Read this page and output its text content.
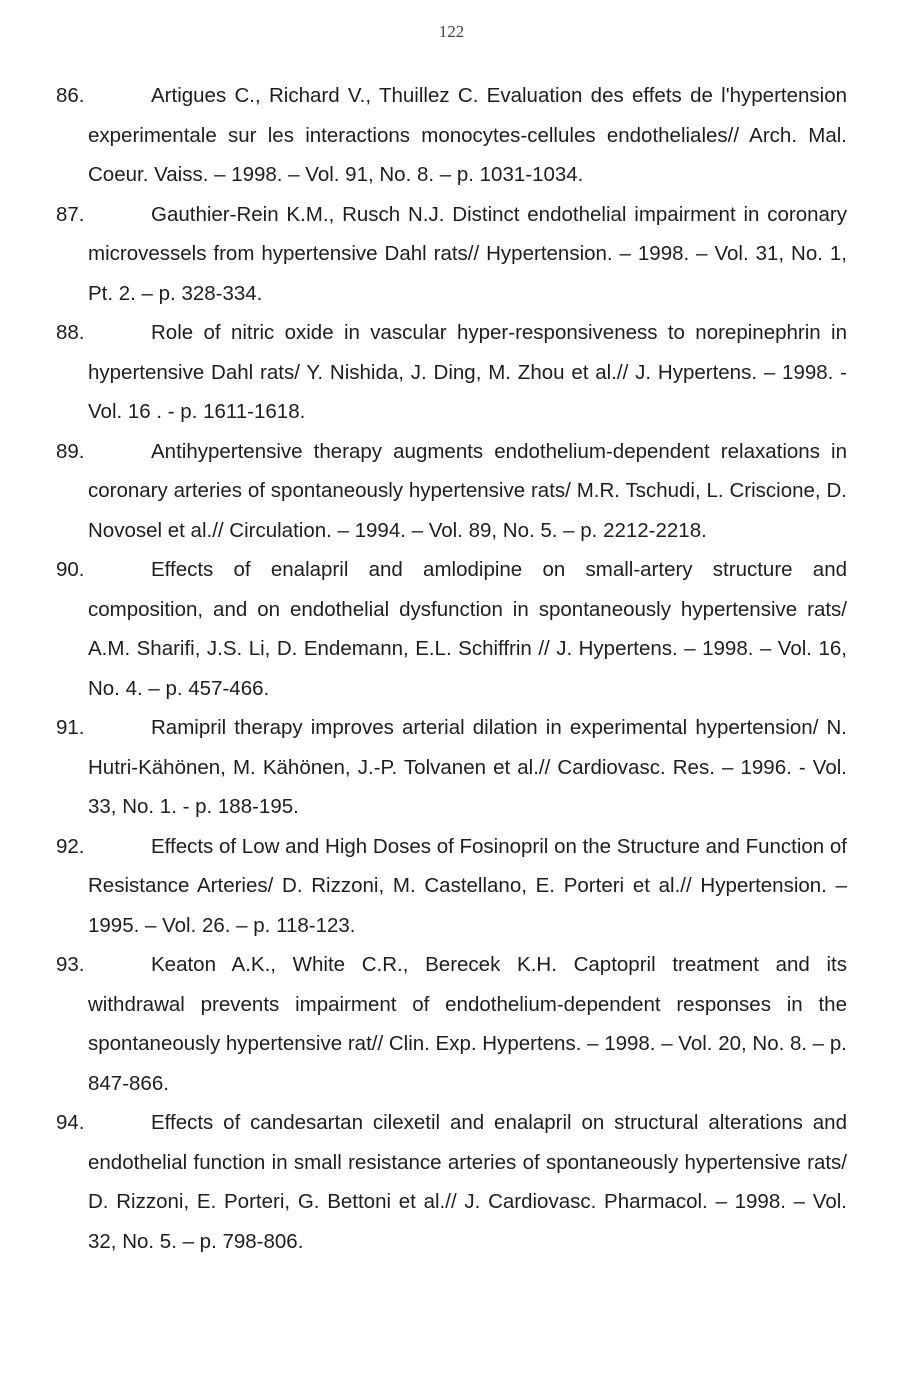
122

86.	Artigues C., Richard V., Thuillez C. Evaluation des effets de l'hypertension experimentale sur les interactions monocytes-cellules endotheliales// Arch. Mal. Coeur. Vaiss. – 1998. – Vol. 91, No. 8. – p. 1031-1034.

87.	Gauthier-Rein K.M., Rusch N.J. Distinct endothelial impairment in coronary microvessels from hypertensive Dahl rats// Hypertension. – 1998. – Vol. 31, No. 1, Pt. 2. – p. 328-334.

88.	Role of nitric oxide in vascular hyper-responsiveness to norepinephrin in hypertensive Dahl rats/ Y. Nishida, J. Ding, M. Zhou et al.// J. Hypertens. – 1998. - Vol. 16 . - p. 1611-1618.

89.	Antihypertensive therapy augments endothelium-dependent relaxations in coronary arteries of spontaneously hypertensive rats/ M.R. Tschudi, L. Criscione, D. Novosel et al.// Circulation. – 1994. – Vol. 89, No. 5. – p. 2212-2218.

90.	Effects of enalapril and amlodipine on small-artery structure and composition, and on endothelial dysfunction in spontaneously hypertensive rats/ A.M. Sharifi, J.S. Li, D. Endemann, E.L. Schiffrin // J. Hypertens. – 1998. – Vol. 16, No. 4. – p. 457-466.

91.	Ramipril therapy improves arterial dilation in experimental hypertension/ N. Hutri-Kähönen, M. Kähönen, J.-P. Tolvanen et al.// Cardiovasc. Res. – 1996. - Vol. 33, No. 1. - p. 188-195.

92.	Effects of Low and High Doses of Fosinopril on the Structure and Function of Resistance Arteries/ D. Rizzoni, M. Castellano, E. Porteri et al.// Hypertension. – 1995. – Vol. 26. – p. 118-123.

93.	Keaton A.K., White C.R., Berecek K.H. Captopril treatment and its withdrawal prevents impairment of endothelium-dependent responses in the spontaneously hypertensive rat// Clin. Exp. Hypertens. – 1998. – Vol. 20, No. 8. – p. 847-866.

94.	Effects of candesartan cilexetil and enalapril on structural alterations and endothelial function in small resistance arteries of spontaneously hypertensive rats/ D. Rizzoni, E. Porteri, G. Bettoni et al.// J. Cardiovasc. Pharmacol. – 1998. – Vol. 32, No. 5. – p. 798-806.
